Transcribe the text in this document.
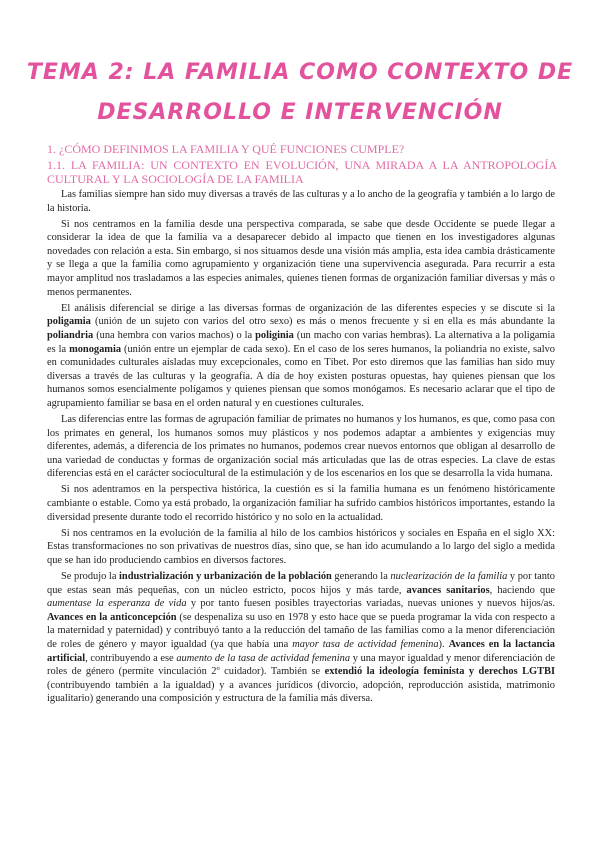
TEMA 2: LA FAMILIA COMO CONTEXTO DE
DESARROLLO E INTERVENCIÓN
1. ¿CÓMO DEFINIMOS LA FAMILIA Y QUÉ FUNCIONES CUMPLE?
1.1. LA FAMILIA: UN CONTEXTO EN EVOLUCIÓN, UNA MIRADA A LA ANTROPOLOGÍA CULTURAL Y LA SOCIOLOGÍA DE LA FAMILIA

Las familias siempre han sido muy diversas a través de las culturas y a lo ancho de la geografía y también a lo largo de la historia.

Si nos centramos en la familia desde una perspectiva comparada, se sabe que desde Occidente se puede llegar a considerar la idea de que la familia va a desaparecer debido al impacto que tienen en los investigadores algunas novedades con relación a esta. Sin embargo, si nos situamos desde una visión más amplia, esta idea cambia drásticamente y se llega a que la familia como agrupamiento y organización tiene una supervivencia asegurada. Para recurrir a esta mayor amplitud nos trasladamos a las especies animales, quienes tienen formas de organización familiar diversas y más o menos permanentes.

El análisis diferencial se dirige a las diversas formas de organización de las diferentes especies y se discute si la poligamia (unión de un sujeto con varios del otro sexo) es más o menos frecuente y si en ella es más abundante la poliandria (una hembra con varios machos) o la poliginia (un macho con varias hembras). La alternativa a la poligamia es la monogamia (unión entre un ejemplar de cada sexo). En el caso de los seres humanos, la poliandria no existe, salvo en comunidades culturales aisladas muy excepcionales, como en Tíbet. Por esto diremos que las familias han sido muy diversas a través de las culturas y la geografía. A día de hoy existen posturas opuestas, hay quienes piensan que los humanos somos esencialmente polígamos y quienes piensan que somos monógamos. Es necesario aclarar que el tipo de agrupamiento familiar se basa en el orden natural y en cuestiones culturales.

Las diferencias entre las formas de agrupación familiar de primates no humanos y los humanos, es que, como pasa con los primates en general, los humanos somos muy plásticos y nos podemos adaptar a ambientes y exigencias muy diferentes, además, a diferencia de los primates no humanos, podemos crear nuevos entornos que obligan al desarrollo de una variedad de conductas y formas de organización social más articuladas que las de otras especies. La clave de estas diferencias está en el carácter sociocultural de la estimulación y de los escenarios en los que se desarrolla la vida humana.

Si nos adentramos en la perspectiva histórica, la cuestión es si la familia humana es un fenómeno históricamente cambiante o estable. Como ya está probado, la organización familiar ha sufrido cambios históricos importantes, estando la diversidad presente durante todo el recorrido histórico y no solo en la actualidad.

Si nos centramos en la evolución de la familia al hilo de los cambios históricos y sociales en España en el siglo XX: Estas transformaciones no son privativas de nuestros días, sino que, se han ido acumulando a lo largo del siglo a medida que se han ido produciendo cambios en diversos factores.

Se produjo la industrialización y urbanización de la población generando la nuclearización de la familia y por tanto que estas sean más pequeñas, con un núcleo estricto, pocos hijos y más tarde, avances sanitarios, haciendo que aumentase la esperanza de vida y por tanto fuesen posibles trayectorias variadas, nuevas uniones y nuevos hijos/as. Avances en la anticoncepción (se despenaliza su uso en 1978 y esto hace que se pueda programar la vida con respecto a la maternidad y paternidad) y contribuyó tanto a la reducción del tamaño de las familias como a la menor diferenciación de roles de género y mayor igualdad (ya que había una mayor tasa de actividad femenina). Avances en la lactancia artificial, contribuyendo a ese aumento de la tasa de actividad femenina y una mayor igualdad y menor diferenciación de roles de género (permite vinculación 2º cuidador). También se extendió la ideología feminista y derechos LGTBI (contribuyendo también a la igualdad) y a avances jurídicos (divorcio, adopción, reproducción asistida, matrimonio igualitario) generando una composición y estructura de la familia más diversa.
